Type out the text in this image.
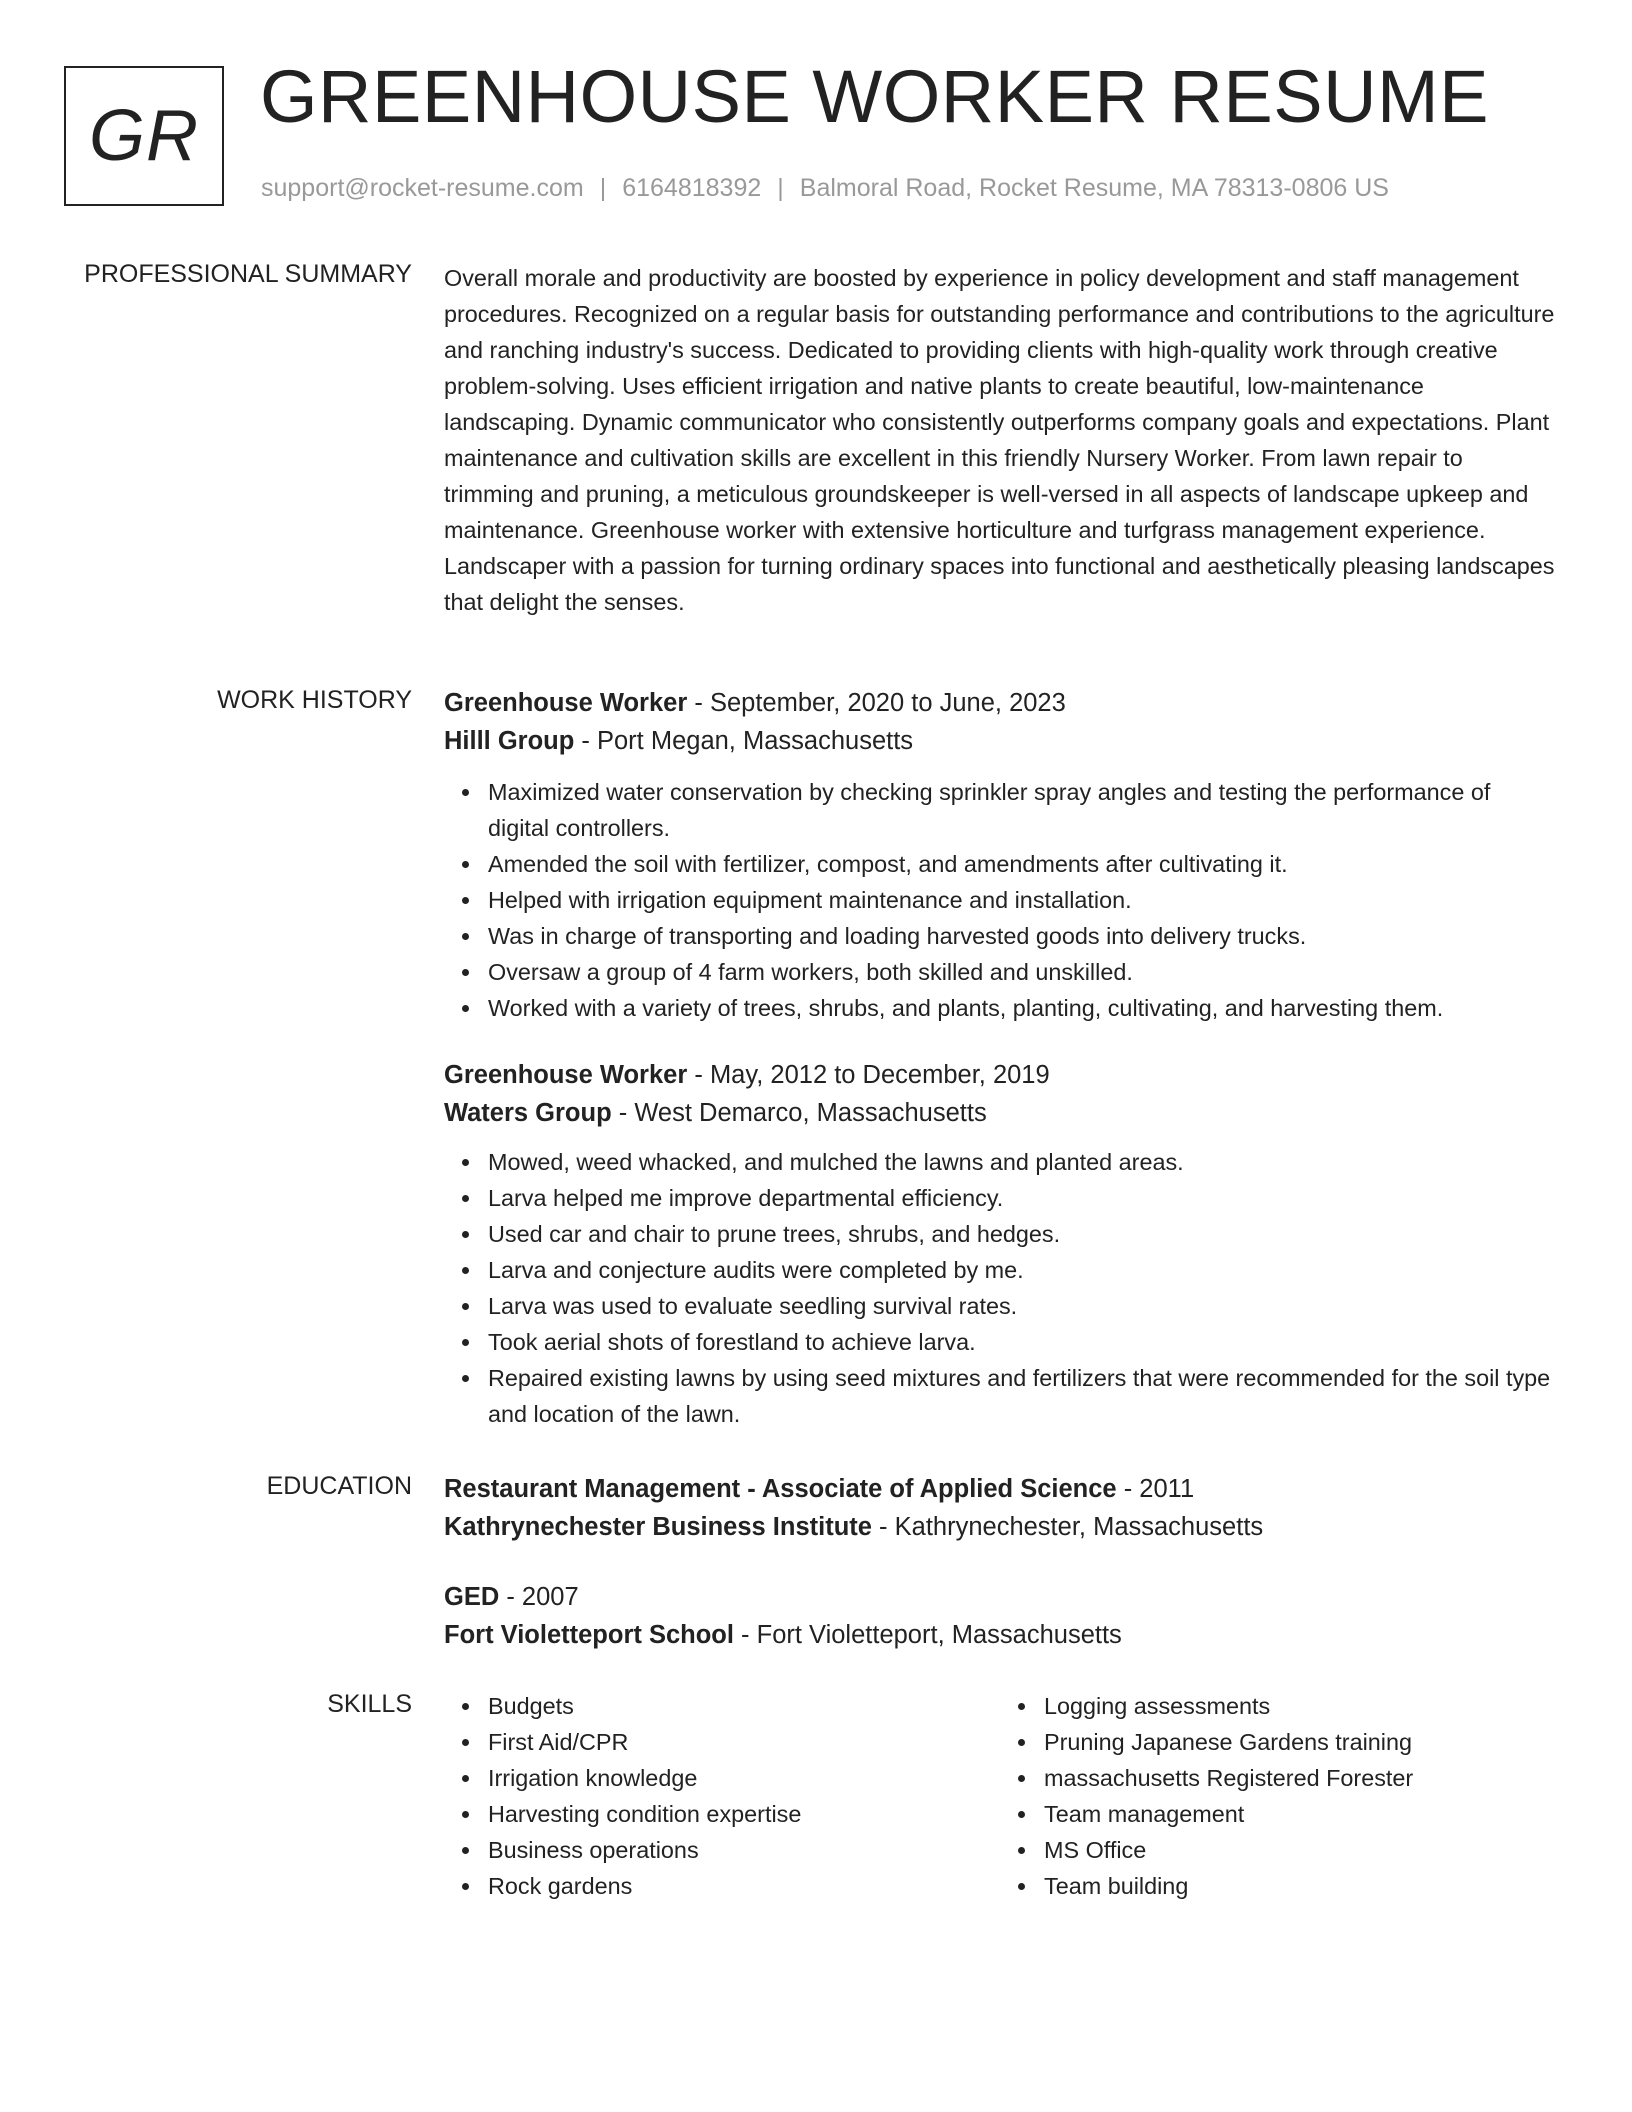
GR GREENHOUSE WORKER RESUME
support@rocket-resume.com | 6164818392 | Balmoral Road, Rocket Resume, MA 78313-0806 US
PROFESSIONAL SUMMARY Overall morale and productivity are boosted by experience in policy development and staff management procedures. Recognized on a regular basis for outstanding performance and contributions to the agriculture and ranching industry's success. Dedicated to providing clients with high-quality work through creative problem-solving. Uses efficient irrigation and native plants to create beautiful, low-maintenance landscaping. Dynamic communicator who consistently outperforms company goals and expectations. Plant maintenance and cultivation skills are excellent in this friendly Nursery Worker. From lawn repair to trimming and pruning, a meticulous groundskeeper is well-versed in all aspects of landscape upkeep and maintenance. Greenhouse worker with extensive horticulture and turfgrass management experience. Landscaper with a passion for turning ordinary spaces into functional and aesthetically pleasing landscapes that delight the senses.

WORK HISTORY Greenhouse Worker - September, 2020 to June, 2023
Hilll Group - Port Megan, Massachusetts
Maximized water conservation by checking sprinkler spray angles and testing the performance of digital controllers.
Amended the soil with fertilizer, compost, and amendments after cultivating it.
Helped with irrigation equipment maintenance and installation.
Was in charge of transporting and loading harvested goods into delivery trucks.
Oversaw a group of 4 farm workers, both skilled and unskilled.
Worked with a variety of trees, shrubs, and plants, planting, cultivating, and harvesting them.
Greenhouse Worker - May, 2012 to December, 2019
Waters Group - West Demarco, Massachusetts
Mowed, weed whacked, and mulched the lawns and planted areas.
Larva helped me improve departmental efficiency.
Used car and chair to prune trees, shrubs, and hedges.
Larva and conjecture audits were completed by me.
Larva was used to evaluate seedling survival rates.
Took aerial shots of forestland to achieve larva.
Repaired existing lawns by using seed mixtures and fertilizers that were recommended for the soil type and location of the lawn.
EDUCATION Restaurant Management - Associate of Applied Science - 2011
Kathrynechester Business Institute - Kathrynechester, Massachusetts
GED - 2007
Fort Violetteport School - Fort Violetteport, Massachusetts
SKILLS	Budgets
First Aid/CPR
Irrigation knowledge
Harvesting condition expertise
Business operations
Rock gardens
Logging assessments
Pruning Japanese Gardens training
massachusetts Registered Forester
Team management
MS Office
Team building
